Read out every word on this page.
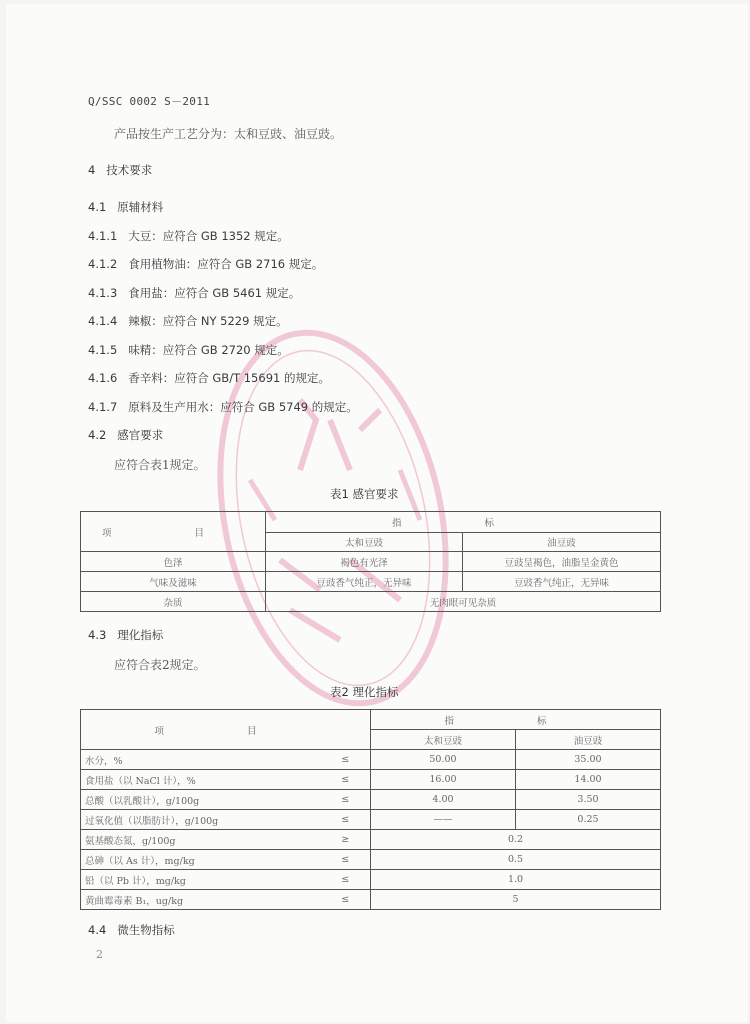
Q/SSC 0002 S－2011
产品按生产工艺分为：太和豆豉、油豆豉。
4 技术要求
4.1 原辅材料
4.1.1 大豆：应符合 GB 1352 规定。
4.1.2 食用植物油：应符合 GB 2716 规定。
4.1.3 食用盐：应符合 GB 5461 规定。
4.1.4 辣椒：应符合 NY 5229 规定。
4.1.5 味精：应符合 GB 2720 规定。
4.1.6 香辛料：应符合 GB/T 15691 的规定。
4.1.7 原料及生产用水：应符合 GB 5749 的规定。
4.2 感官要求
应符合表1规定。
表1 感官要求
项 目	指 标	
	太和豆豉	油豆豉
色泽	褐色有光泽	豆豉呈褐色，油脂呈金黄色
气味及滋味	豆豉香气纯正，无异味	豆豉香气纯正，无异味
杂质	无肉眼可见杂质	
4.3 理化指标
应符合表2规定。
表2 理化指标
项 目		指 标	
		太和豆豉	油豆豉
水分，%	≤	50.00	35.00
食用盐（以 NaCl 计），%	≤	16.00	14.00
总酸（以乳酸计），g/100g	≤	4.00	3.50
过氧化值（以脂肪计），g/100g	≤	——	0.25
氨基酸态氮，g/100g	≥	0.2	
总砷（以 As 计），mg/kg	≤	0.5	
铅（以 Pb 计），mg/kg	≤	1.0	
黄曲霉毒素 B₁，ug/kg	≤	5	
4.4 微生物指标
2
